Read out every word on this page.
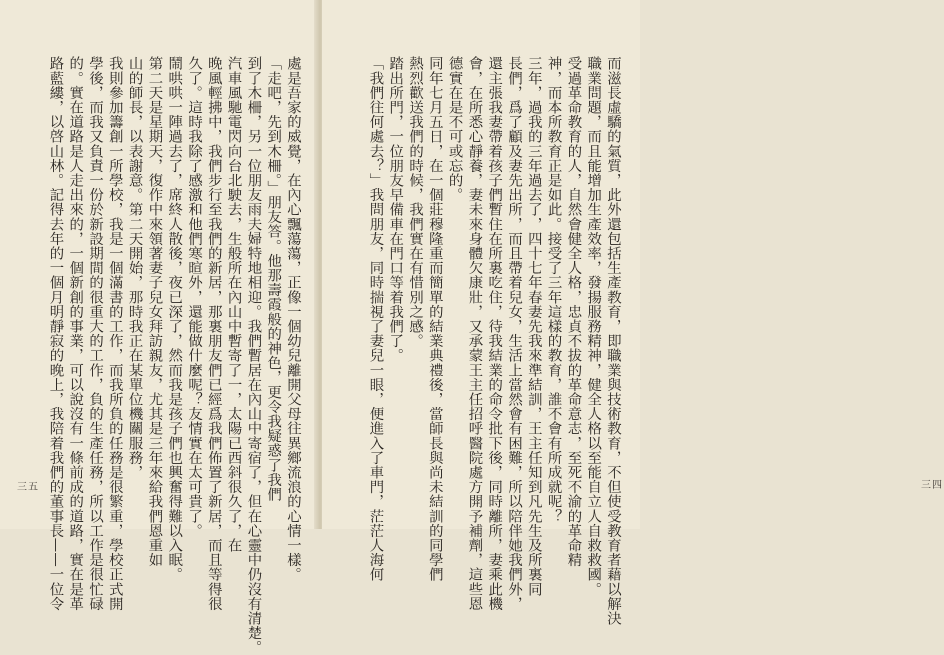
處是吾家的威覺，在內心飄蕩蕩，正像一個幼兒離開父母往異鄉流浪的心情一樣。
「走吧，先到木柵。」朋友答。他那壽霞般的神色，更令我疑惑了我們
到了木柵，另一位朋友雨夫婦特地相迎。我們暫居在內山中寄宿了，但在心靈中仍沒有清楚。
汽車風馳電閃向台北駛去，生般所在內山中暫寄了一，太陽已西斜很久了，在
晚風輕拂中，我們步行至我們的新居，那裏朋友們已經爲我們佈置了新居，而且等得很
久了。這時我除了感激和他們寒暄外，還能做什麼呢？友情實在太可貴了。
鬧哄哄一陣過去了，席終人散後，夜已深了，然而我是孩子們也興奮得難以入眠。
第二天是星期天，復作中來領著妻子兒女拜訪親友，尤其是三年來給我們恩重如
山的師長，以表謝意。第二天開始，那時我正在某單位機關服務，
我則參加籌創一所學校，我是一個滿書的工作，而我所負的任務是很繁重，學校正式開
學後，而我又負責一份於新設期間的很重大的工作，負的生產任務，所以工作是很忙碌
的。實在道路是人走出來的，一個新創的事業，可以說沒有一條前成的道路，實在是革
路藍縷，以啓山林。記得去年的一個月明靜寂的晚上，我陪着我們的董事長——一位令
三五	而滋長虛驕的氣質，此外還包括生產教育，即職業與技術教育，不但使受教育者藉以解決
職業問題，而且能增加生產效率，發揚服務精神，健全人格以至能自立人自救救國。
受過革命教育的人，自然會健全人格，忠貞不拔的革命意志，至死不渝的革命精
神，而本所教育正是如此。接受了三年這樣的教育，誰不會有所成就呢？
三年，過我的三年過去了，四十七年春妻先我來準結訓，王主任知到凡先生及所裏同
長們，爲了顧及妻先出所，而且帶着兒女，生活上當然會有困難，所以陪伴她我們外，
還主張我妻帶着孩子們暫住在所裏吃住，待我結業的命令批下後，同時離所，妻乘此機
會，在所悉心靜養，妻未來身體欠康壯，又承蒙王主任招呼醫院處方開予補劑，這些恩
德實在是不可或忘的。
同年七月五日，在一個莊穆隆重而簡單的結業典禮後，當師長與尚未結訓的同學們
熱烈歡送我們的時候，我們實在有惜別之感。
踏出所門，一位朋友早備車在門口等着我們了。
「我們往何處去？」我問朋友，同時揣視了妻兒一眼，便進入了車門，茫茫人海何	三四
